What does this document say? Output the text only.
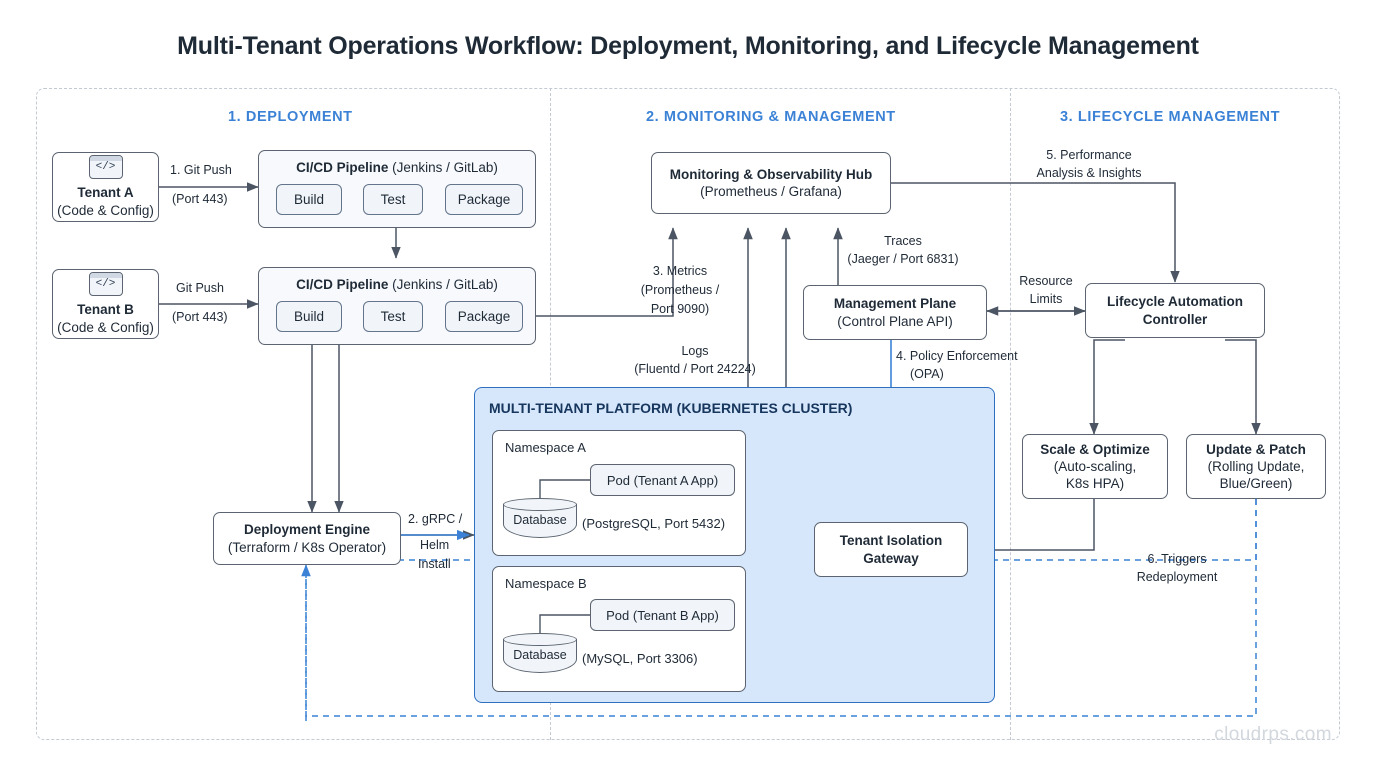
Multi-Tenant Operations Workflow: Deployment, Monitoring, and Lifecycle Management
1. DEPLOYMENT	2. MONITORING & MANAGEMENT	3. LIFECYCLE MANAGEMENT
</>
Tenant A
(Code & Config)
</>
Tenant B
(Code & Config)
CI/CD Pipeline (Jenkins / GitLab)
Build	Test	Package
CI/CD Pipeline (Jenkins / GitLab)
Build	Test	Package
Deployment Engine
(Terraform / K8s Operator)
Monitoring & Observability Hub
(Prometheus / Grafana)
Management Plane
(Control Plane API)
Lifecycle Automation
Controller
Scale & Optimize
(Auto-scaling,
K8s HPA)
Update & Patch
(Rolling Update,
Blue/Green)
MULTI-TENANT PLATFORM (KUBERNETES CLUSTER)
Namespace A
Pod (Tenant A App)
Database	(PostgreSQL, Port 5432)
Namespace B
Pod (Tenant B App)
Database	(MySQL, Port 3306)
Tenant Isolation
Gateway
1. Git Push
(Port 443)
Git Push
(Port 443)
2. gRPC /
Helm
Install
3. Metrics
(Prometheus /
Port 9090)
Logs
(Fluentd / Port 24224)
Traces
(Jaeger / Port 6831)
4. Policy Enforcement
(OPA)
5. Performance
Analysis & Insights
Resource
Limits
6. Triggers
Redeployment
cloudrps.com
